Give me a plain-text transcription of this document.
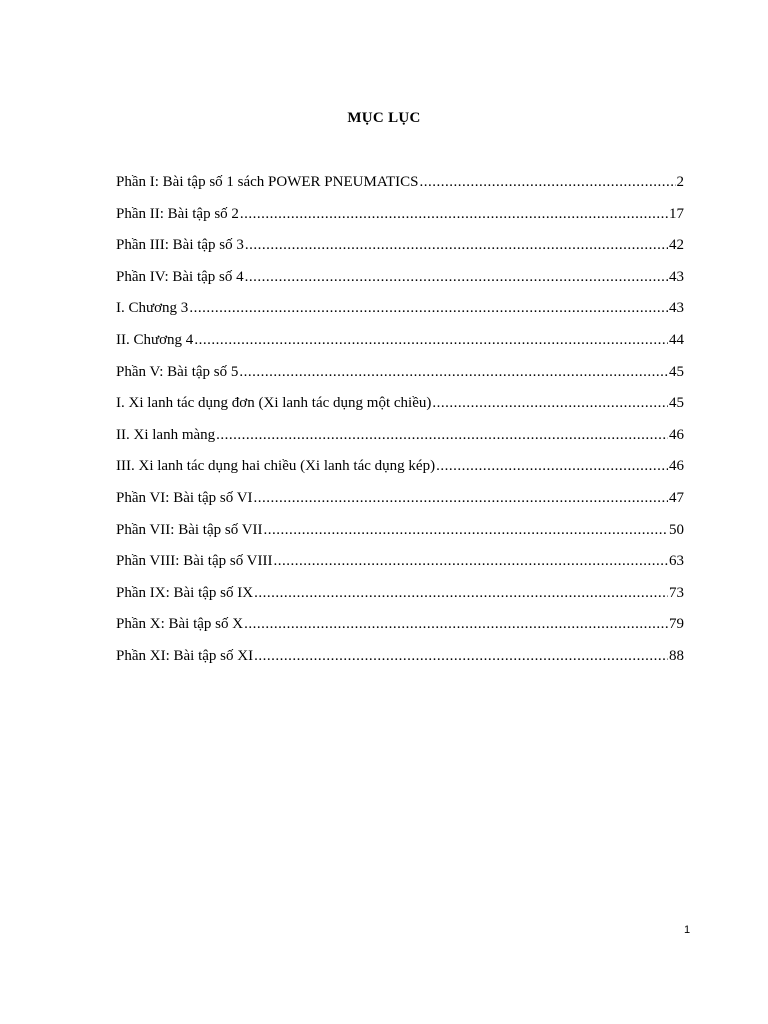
MỤC LỤC
Phần I: Bài tập số 1 sách POWER PNEUMATICS .....	2
Phần II: Bài tập số 2 .....	17
Phần III: Bài tập số 3 .....	42
Phần IV: Bài tập số 4 .....	43
I. Chương 3 .....	43
II. Chương 4 .....	44
Phần V: Bài tập số 5 .....	45
I. Xi lanh tác dụng đơn (Xi lanh tác dụng một chiều) .....	45
II. Xi lanh màng .....	46
III. Xi lanh tác dụng hai chiều (Xi lanh tác dụng kép) .....	46
Phần VI: Bài tập số VI .....	47
Phần VII: Bài tập số VII .....	50
Phần VIII: Bài tập số VIII .....	63
Phần IX: Bài tập số IX .....	73
Phần X: Bài tập số X .....	79
Phần XI: Bài tập số XI .....	88
1
